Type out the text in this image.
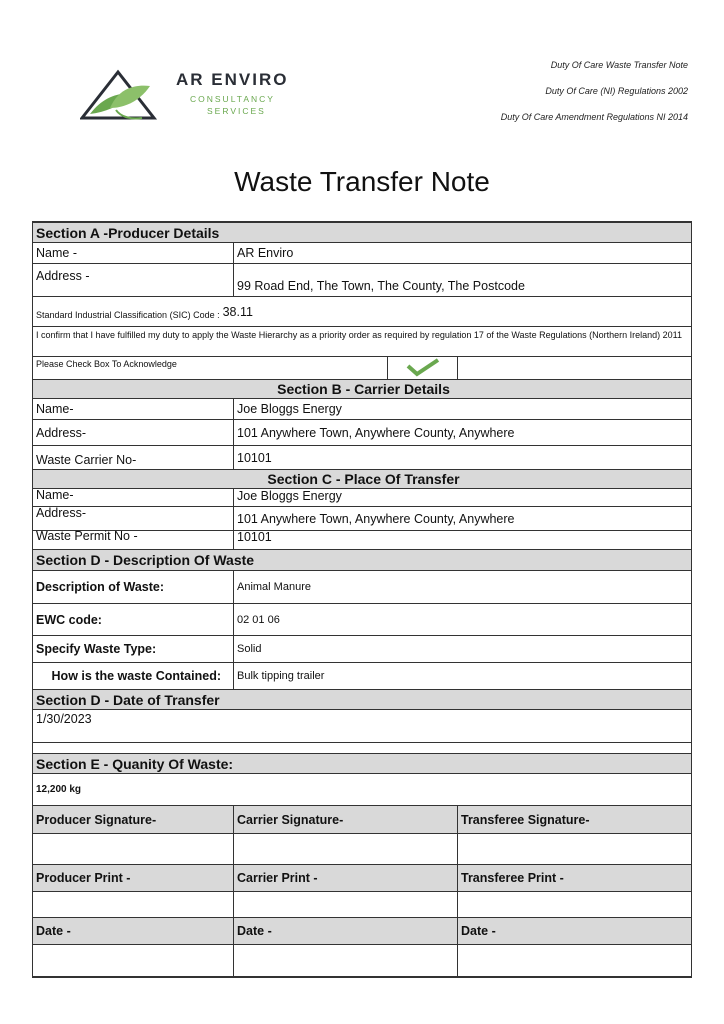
AR ENVIRO
CONSULTANCY
SERVICES
Duty Of Care Waste Transfer Note
Duty Of Care (NI) Regulations 2002
Duty Of Care Amendment Regulations NI 2014
Waste Transfer Note
Section A -Producer Details
Name -	AR Enviro
Address -
99 Road End, The Town, The County, The Postcode
Standard Industrial Classification (SIC) Code : 38.11
I confirm that I have fulfilled my duty to apply the Waste Hierarchy as a priority order as required by regulation 17 of the Waste Regulations (Northern Ireland) 2011
Please Check Box To Acknowledge
Section B - Carrier Details
Name-	Joe Bloggs Energy
Address-	101 Anywhere Town, Anywhere County, Anywhere
Waste Carrier No-	10101
Section C - Place Of Transfer
Name-	Joe Bloggs Energy
Address-	101 Anywhere Town, Anywhere County, Anywhere
Waste Permit No -	10101
Section D - Description Of Waste
Description of Waste:	Animal Manure
EWC code:	02 01 06
Specify Waste Type:	Solid
How is the waste Contained:	Bulk tipping trailer
Section D - Date of Transfer
1/30/2023
Section E - Quanity Of Waste:
12,200 kg
Producer Signature-	Carrier Signature-	Transferee Signature-
Producer Print -	Carrier Print -	Transferee Print -
Date -	Date -	Date -
